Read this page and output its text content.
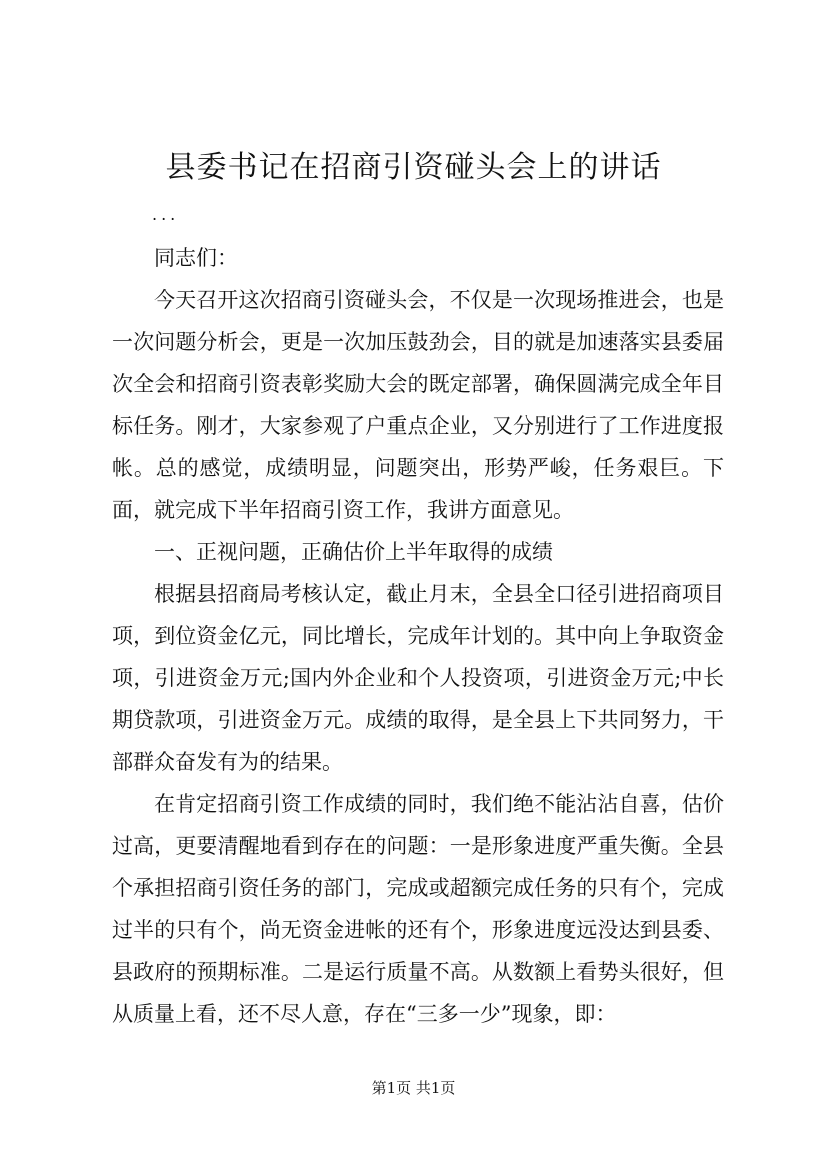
县委书记在招商引资碰头会上的讲话
...

同志们：

今天召开这次招商引资碰头会，不仅是一次现场推进会，也是一次问题分析会，更是一次加压鼓劲会，目的就是加速落实县委届次全会和招商引资表彰奖励大会的既定部署，确保圆满完成全年目标任务。刚才，大家参观了户重点企业，又分别进行了工作进度报帐。总的感觉，成绩明显，问题突出，形势严峻，任务艰巨。下面，就完成下半年招商引资工作，我讲方面意见。

一、正视问题，正确估价上半年取得的成绩

根据县招商局考核认定，截止月末，全县全口径引进招商项目项，到位资金亿元，同比增长，完成年计划的。其中向上争取资金项，引进资金万元;国内外企业和个人投资项，引进资金万元;中长期贷款项，引进资金万元。成绩的取得，是全县上下共同努力，干部群众奋发有为的结果。

在肯定招商引资工作成绩的同时，我们绝不能沾沾自喜，估价过高，更要清醒地看到存在的问题：一是形象进度严重失衡。全县个承担招商引资任务的部门，完成或超额完成任务的只有个，完成过半的只有个，尚无资金进帐的还有个，形象进度远没达到县委、县政府的预期标准。二是运行质量不高。从数额上看势头很好，但从质量上看，还不尽人意，存在“三多一少”现象，即：

第1页 共1页
